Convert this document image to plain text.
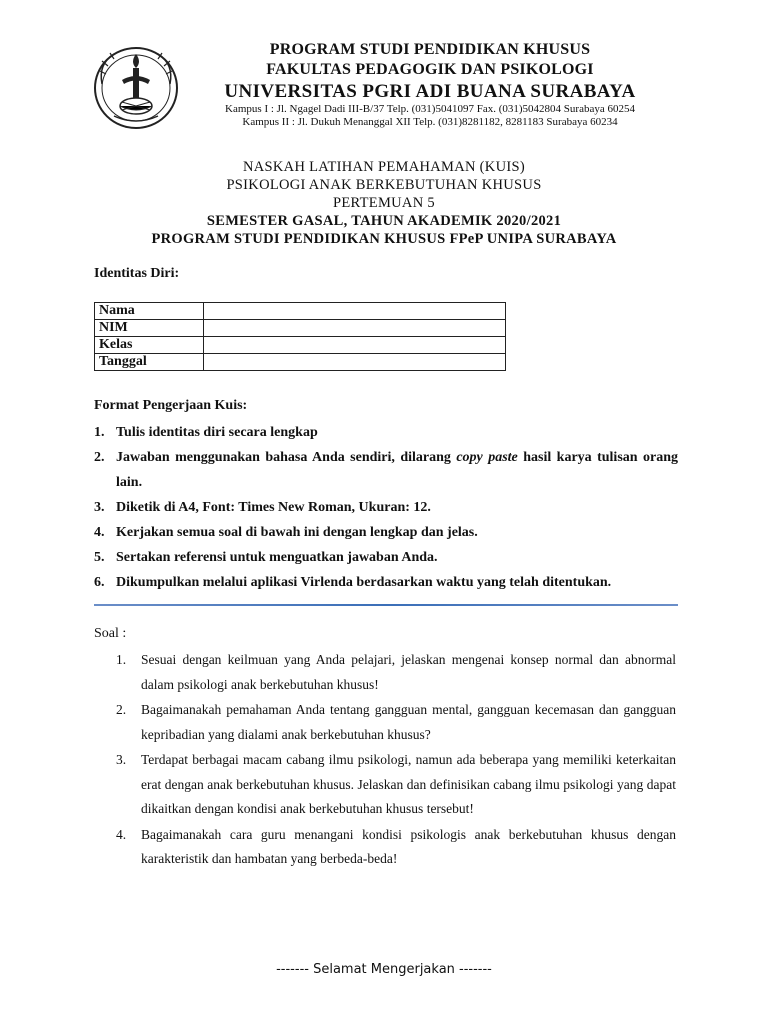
PROGRAM STUDI PENDIDIKAN KHUSUS
FAKULTAS PEDAGOGIK DAN PSIKOLOGI
UNIVERSITAS PGRI ADI BUANA SURABAYA
Kampus I : Jl. Ngagel Dadi III-B/37 Telp. (031)5041097 Fax. (031)5042804 Surabaya 60254
Kampus II : Jl. Dukuh Menanggal XII Telp. (031)8281182, 8281183 Surabaya 60234
NASKAH LATIHAN PEMAHAMAN (KUIS)
PSIKOLOGI ANAK BERKEBUTUHAN KHUSUS
PERTEMUAN 5
SEMESTER GASAL, TAHUN AKADEMIK 2020/2021
PROGRAM STUDI PENDIDIKAN KHUSUS FPeP UNIPA SURABAYA
Identitas Diri:
Nama	
NIM	
Kelas	
Tanggal	
Format Pengerjaan Kuis:
1. Tulis identitas diri secara lengkap
2. Jawaban menggunakan bahasa Anda sendiri, dilarang copy paste hasil karya tulisan orang lain.
3. Diketik di A4, Font: Times New Roman, Ukuran: 12.
4. Kerjakan semua soal di bawah ini dengan lengkap dan jelas.
5. Sertakan referensi untuk menguatkan jawaban Anda.
6. Dikumpulkan melalui aplikasi Virlenda berdasarkan waktu yang telah ditentukan.
Soal :
1. Sesuai dengan keilmuan yang Anda pelajari, jelaskan mengenai konsep normal dan abnormal dalam psikologi anak berkebutuhan khusus!
2. Bagaimanakah pemahaman Anda tentang gangguan mental, gangguan kecemasan dan gangguan kepribadian yang dialami anak berkebutuhan khusus?
3. Terdapat berbagai macam cabang ilmu psikologi, namun ada beberapa yang memiliki keterkaitan erat dengan anak berkebutuhan khusus. Jelaskan dan definisikan cabang ilmu psikologi yang dapat dikaitkan dengan kondisi anak berkebutuhan khusus tersebut!
4. Bagaimanakah cara guru menangani kondisi psikologis anak berkebutuhan khusus dengan karakteristik dan hambatan yang berbeda-beda!
------- Selamat Mengerjakan -------
